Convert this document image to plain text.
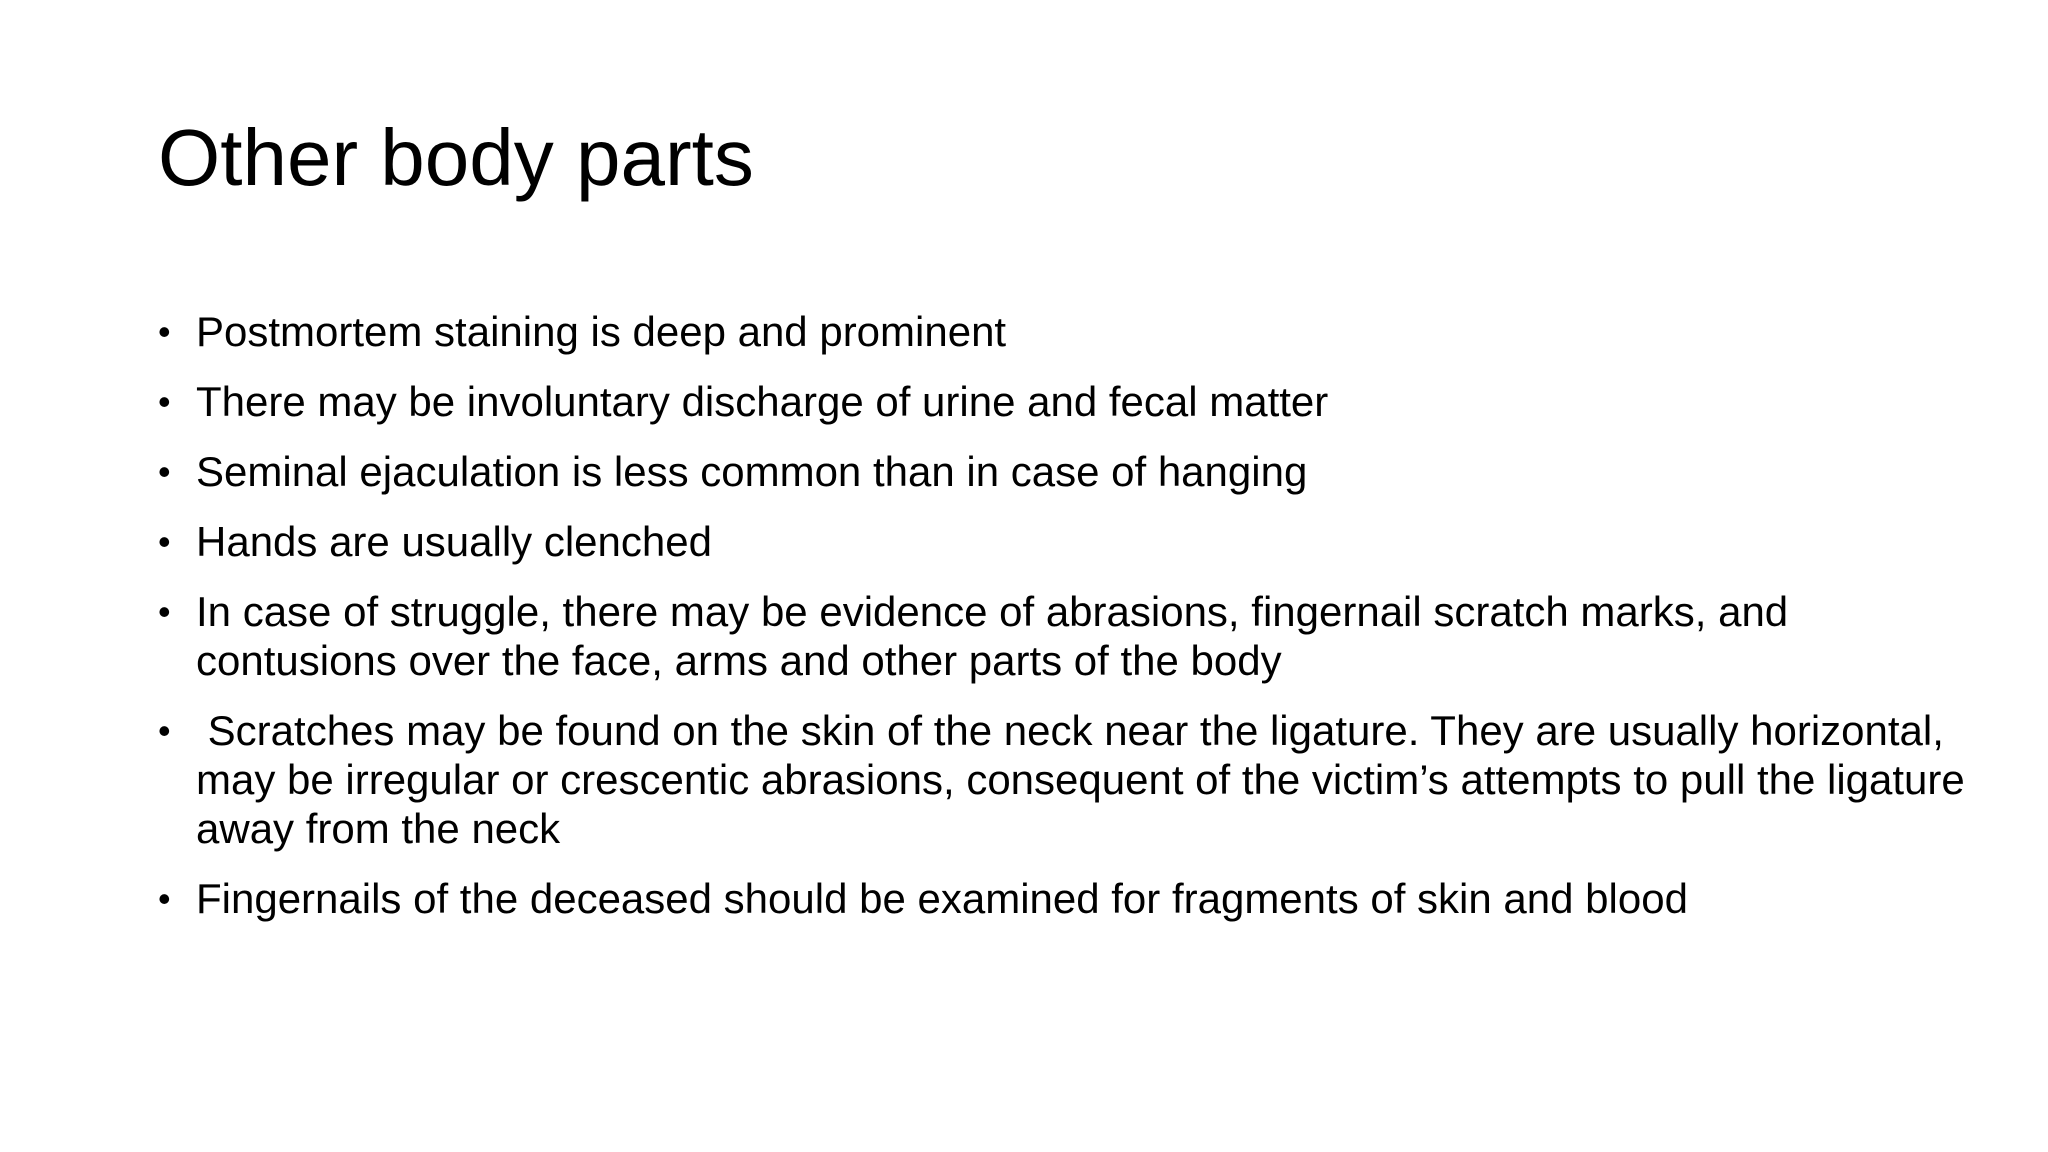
Other body parts
• Postmortem staining is deep and prominent
• There may be involuntary discharge of urine and fecal matter
• Seminal ejaculation is less common than in case of hanging
• Hands are usually clenched
• In case of struggle, there may be evidence of abrasions, fingernail scratch marks, and contusions over the face, arms and other parts of the body
• Scratches may be found on the skin of the neck near the ligature. They are usually horizontal, may be irregular or crescentic abrasions, consequent of the victim’s attempts to pull the ligature away from the neck
• Fingernails of the deceased should be examined for fragments of skin and blood
